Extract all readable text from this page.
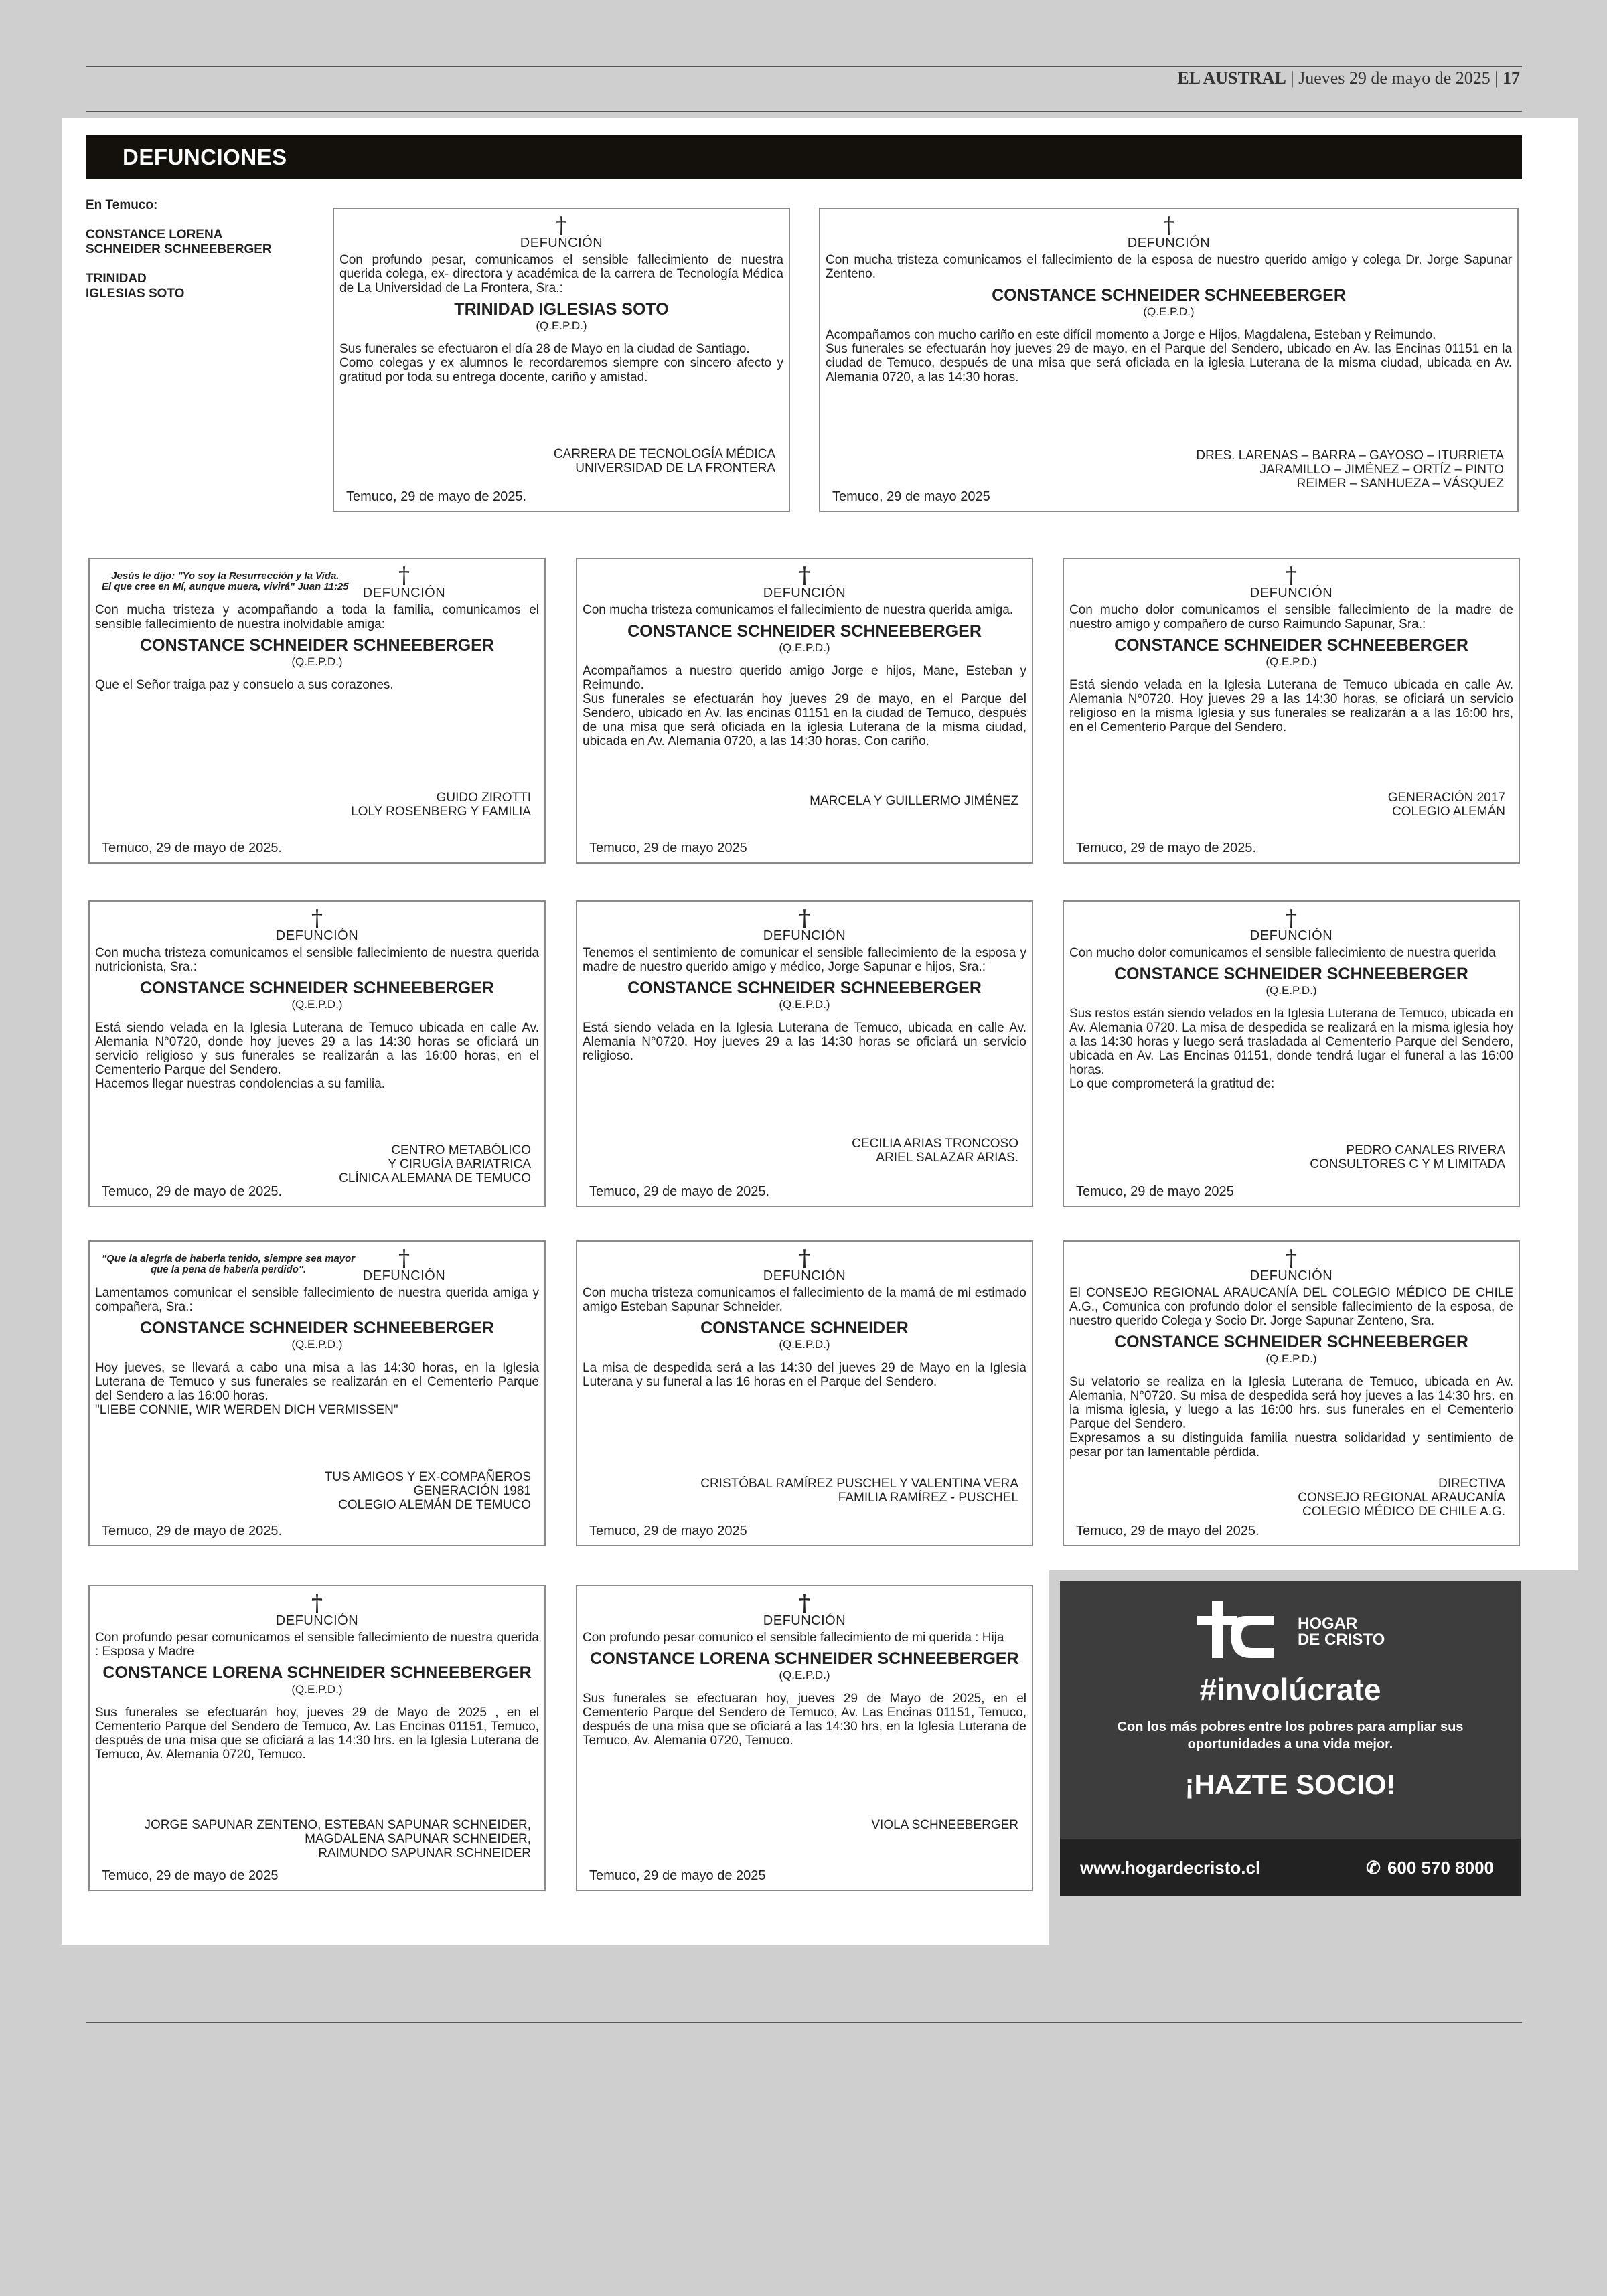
EL AUSTRAL | Jueves 29 de mayo de 2025 | 17
DEFUNCIONES
En Temuco:
CONSTANCE LORENA
SCHNEIDER SCHNEEBERGER
TRINIDAD
IGLESIAS SOTO
†
DEFUNCIÓN
Con profundo pesar, comunicamos el sensible fallecimiento de nuestra querida colega, ex- directora y académica de la carrera de Tecnología Médica de La Universidad de La Frontera, Sra.:
TRINIDAD IGLESIAS SOTO
(Q.E.P.D.)
Sus funerales se efectuaron el día 28 de Mayo en la ciudad de Santiago.
Como colegas y ex alumnos le recordaremos siempre con sincero afecto y gratitud por toda su entrega docente, cariño y amistad.
CARRERA DE TECNOLOGÍA MÉDICA
UNIVERSIDAD DE LA FRONTERA
Temuco, 29 de mayo de 2025.
†
DEFUNCIÓN
Con mucha tristeza comunicamos el fallecimiento de la esposa de nuestro querido amigo y colega Dr. Jorge Sapunar Zenteno.
CONSTANCE SCHNEIDER SCHNEEBERGER
(Q.E.P.D.)
Acompañamos con mucho cariño en este difícil momento a Jorge e Hijos, Magdalena, Esteban y Reimundo.
Sus funerales se efectuarán hoy jueves 29 de mayo, en el Parque del Sendero, ubicado en Av. las Encinas 01151 en la ciudad de Temuco, después de una misa que será oficiada en la iglesia Luterana de la misma ciudad, ubicada en Av. Alemania 0720, a las 14:30 horas.
DRES. LARENAS – BARRA – GAYOSO – ITURRIETA
JARAMILLO – JIMÉNEZ – ORTÍZ – PINTO
REIMER – SANHUEZA – VÁSQUEZ
Temuco, 29 de mayo 2025
Jesús le dijo: "Yo soy la Resurrección y la Vida.
El que cree en Mí, aunque muera, vivirá" Juan 11:25	†
DEFUNCIÓN
Con mucha tristeza y acompañando a toda la familia, comunicamos el sensible fallecimiento de nuestra inolvidable amiga:
CONSTANCE SCHNEIDER SCHNEEBERGER
(Q.E.P.D.)
Que el Señor traiga paz y consuelo a sus corazones.
GUIDO ZIROTTI
LOLY ROSENBERG Y FAMILIA
Temuco, 29 de mayo de 2025.
†
DEFUNCIÓN
Con mucha tristeza comunicamos el fallecimiento de nuestra querida amiga.
CONSTANCE SCHNEIDER SCHNEEBERGER
(Q.E.P.D.)
Acompañamos a nuestro querido amigo Jorge e hijos, Mane, Esteban y Reimundo.
Sus funerales se efectuarán hoy jueves 29 de mayo, en el Parque del Sendero, ubicado en Av. las encinas 01151 en la ciudad de Temuco, después de una misa que será oficiada en la iglesia Luterana de la misma ciudad, ubicada en Av. Alemania 0720, a las 14:30 horas. Con cariño.
MARCELA Y GUILLERMO JIMÉNEZ
Temuco, 29 de mayo 2025
†
DEFUNCIÓN
Con mucho dolor comunicamos el sensible fallecimiento de la madre de nuestro amigo y compañero de curso Raimundo Sapunar, Sra.:
CONSTANCE SCHNEIDER SCHNEEBERGER
(Q.E.P.D.)
Está siendo velada en la Iglesia Luterana de Temuco ubicada en calle Av. Alemania N°0720. Hoy jueves 29 a las 14:30 horas, se oficiará un servicio religioso en la misma Iglesia y sus funerales se realizarán a a las 16:00 hrs, en el Cementerio Parque del Sendero.
GENERACIÓN 2017
COLEGIO ALEMÁN
Temuco, 29 de mayo de 2025.
†
DEFUNCIÓN
Con mucha tristeza comunicamos el sensible fallecimiento de nuestra querida nutricionista, Sra.:
CONSTANCE SCHNEIDER SCHNEEBERGER
(Q.E.P.D.)
Está siendo velada en la Iglesia Luterana de Temuco ubicada en calle Av. Alemania N°0720, donde hoy jueves 29 a las 14:30 horas se oficiará un servicio religioso y sus funerales se realizarán a las 16:00 horas, en el Cementerio Parque del Sendero.
Hacemos llegar nuestras condolencias a su familia.
CENTRO METABÓLICO
Y CIRUGÍA BARIATRICA
CLÍNICA ALEMANA DE TEMUCO
Temuco, 29 de mayo de 2025.
†
DEFUNCIÓN
Tenemos el sentimiento de comunicar el sensible fallecimiento de la esposa y madre de nuestro querido amigo y médico, Jorge Sapunar e hijos, Sra.:
CONSTANCE SCHNEIDER SCHNEEBERGER
(Q.E.P.D.)
Está siendo velada en la Iglesia Luterana de Temuco, ubicada en calle Av. Alemania N°0720. Hoy jueves 29 a las 14:30 horas se oficiará un servicio religioso.
CECILIA ARIAS TRONCOSO
ARIEL SALAZAR ARIAS.
Temuco, 29 de mayo de 2025.
†
DEFUNCIÓN
Con mucho dolor comunicamos el sensible fallecimiento de nuestra querida
CONSTANCE SCHNEIDER SCHNEEBERGER
(Q.E.P.D.)
Sus restos están siendo velados en la Iglesia Luterana de Temuco, ubicada en Av. Alemania 0720. La misa de despedida se realizará en la misma iglesia hoy a las 14:30 horas y luego será trasladada al Cementerio Parque del Sendero, ubicada en Av. Las Encinas 01151, donde tendrá lugar el funeral a las 16:00 horas.
Lo que comprometerá la gratitud de:
PEDRO CANALES RIVERA
CONSULTORES C Y M LIMITADA
Temuco, 29 de mayo 2025
"Que la alegría de haberla tenido, siempre sea mayor
que la pena de haberla perdido".	†
DEFUNCIÓN
Lamentamos comunicar el sensible fallecimiento de nuestra querida amiga y compañera, Sra.:
CONSTANCE SCHNEIDER SCHNEEBERGER
(Q.E.P.D.)
Hoy jueves, se llevará a cabo una misa a las 14:30 horas, en la Iglesia Luterana de Temuco y sus funerales se realizarán en el Cementerio Parque del Sendero a las 16:00 horas.
"LIEBE CONNIE, WIR WERDEN DICH VERMISSEN"
TUS AMIGOS Y EX-COMPAÑEROS
GENERACIÓN 1981
COLEGIO ALEMÁN DE TEMUCO
Temuco, 29 de mayo de 2025.
†
DEFUNCIÓN
Con mucha tristeza comunicamos el fallecimiento de la mamá de mi estimado amigo Esteban Sapunar Schneider.
CONSTANCE SCHNEIDER
(Q.E.P.D.)
La misa de despedida será a las 14:30 del jueves 29 de Mayo en la Iglesia Luterana y su funeral a las 16 horas en el Parque del Sendero.
CRISTÓBAL RAMÍREZ PUSCHEL Y VALENTINA VERA
FAMILIA RAMÍREZ - PUSCHEL
Temuco, 29 de mayo 2025
†
DEFUNCIÓN
El CONSEJO REGIONAL ARAUCANÍA DEL COLEGIO MÉDICO DE CHILE A.G., Comunica con profundo dolor el sensible fallecimiento de la esposa, de nuestro querido Colega y Socio Dr. Jorge Sapunar Zenteno, Sra.
CONSTANCE SCHNEIDER SCHNEEBERGER
(Q.E.P.D.)
Su velatorio se realiza en la Iglesia Luterana de Temuco, ubicada en Av. Alemania, N°0720. Su misa de despedida será hoy jueves a las 14:30 hrs. en la misma iglesia, y luego a las 16:00 hrs. sus funerales en el Cementerio Parque del Sendero.
Expresamos a su distinguida familia nuestra solidaridad y sentimiento de pesar por tan lamentable pérdida.
DIRECTIVA
CONSEJO REGIONAL ARAUCANÍA
COLEGIO MÉDICO DE CHILE A.G.
Temuco, 29 de mayo del 2025.
†
DEFUNCIÓN
Con profundo pesar comunicamos el sensible fallecimiento de nuestra querida : Esposa y Madre
CONSTANCE LORENA SCHNEIDER SCHNEEBERGER
(Q.E.P.D.)
Sus funerales se efectuarán hoy, jueves 29 de Mayo de 2025 , en el Cementerio Parque del Sendero de Temuco, Av. Las Encinas 01151, Temuco, después de una misa que se oficiará a las 14:30 hrs. en la Iglesia Luterana de Temuco, Av. Alemania 0720, Temuco.
JORGE SAPUNAR ZENTENO, ESTEBAN SAPUNAR SCHNEIDER,
MAGDALENA SAPUNAR SCHNEIDER,
RAIMUNDO SAPUNAR SCHNEIDER
Temuco, 29 de mayo de 2025
†
DEFUNCIÓN
Con profundo pesar comunico el sensible fallecimiento de mi querida : Hija
CONSTANCE LORENA SCHNEIDER SCHNEEBERGER
(Q.E.P.D.)
Sus funerales se efectuaran hoy, jueves 29 de Mayo de 2025, en el Cementerio Parque del Sendero de Temuco, Av. Las Encinas 01151, Temuco, después de una misa que se oficiará a las 14:30 hrs, en la Iglesia Luterana de Temuco, Av. Alemania 0720, Temuco.
VIOLA SCHNEEBERGER
Temuco, 29 de mayo de 2025
HOGAR
DE CRISTO
#involúcrate
Con los más pobres entre los pobres para ampliar sus oportunidades a una vida mejor.
¡HAZTE SOCIO!
www.hogardecristo.cl	✆ 600 570 8000
